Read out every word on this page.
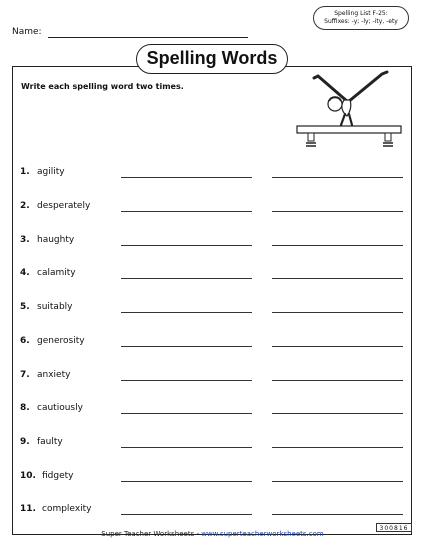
Name:
Spelling List F-25:
Suffixes: -y; -ly; -ity, -ety
Spelling Words
Write each spelling word two times.
1. agility
2. desperately
3. haughty
4. calamity
5. suitably
6. generosity
7. anxiety
8. cautiously
9. faulty
10. fidgety
11. complexity
300816
Super Teacher Worksheets - www.superteacherworksheets.com
